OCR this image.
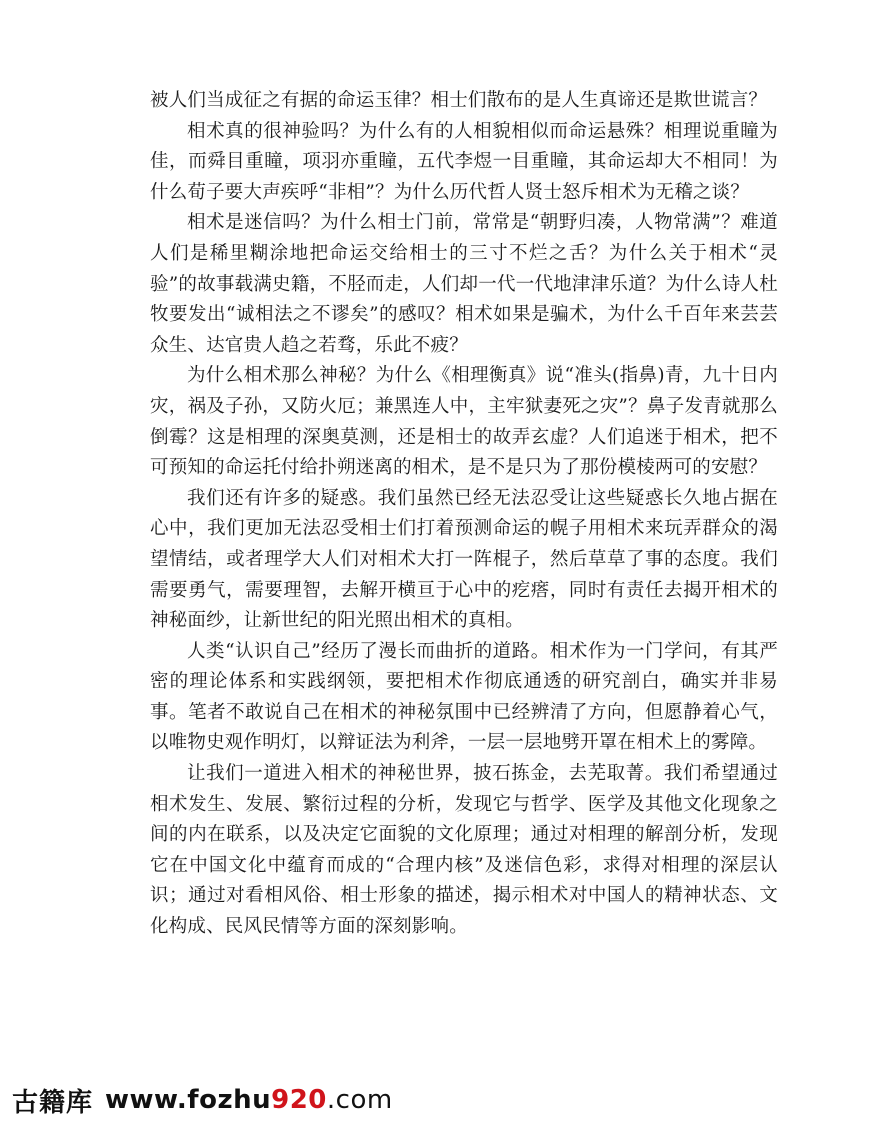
被人们当成征之有据的命运玉律？相士们散布的是人生真谛还是欺世谎言？

相术真的很神验吗？为什么有的人相貌相似而命运悬殊？相理说重瞳为佳，而舜目重瞳，项羽亦重瞳，五代李煜一目重瞳，其命运却大不相同！为什么荀子要大声疾呼“非相”？为什么历代哲人贤士怒斥相术为无稽之谈？

相术是迷信吗？为什么相士门前，常常是“朝野归凑，人物常满”？难道人们是稀里糊涂地把命运交给相士的三寸不烂之舌？为什么关于相术“灵验”的故事载满史籍，不胫而走，人们却一代一代地津津乐道？为什么诗人杜牧要发出“诚相法之不谬矣”的感叹？相术如果是骗术，为什么千百年来芸芸众生、达官贵人趋之若骛，乐此不疲？

为什么相术那么神秘？为什么《相理衡真》说“准头(指鼻)青，九十日内灾，祸及子孙，又防火厄；兼黑连人中，主牢狱妻死之灾”？鼻子发青就那么倒霉？这是相理的深奥莫测，还是相士的故弄玄虚？人们追迷于相术，把不可预知的命运托付给扑朔迷离的相术，是不是只为了那份模棱两可的安慰？

我们还有许多的疑惑。我们虽然已经无法忍受让这些疑惑长久地占据在心中，我们更加无法忍受相士们打着预测命运的幌子用相术来玩弄群众的渴望情结，或者理学大人们对相术大打一阵棍子，然后草草了事的态度。我们需要勇气，需要理智，去解开横亘于心中的疙瘩，同时有责任去揭开相术的神秘面纱，让新世纪的阳光照出相术的真相。

人类“认识自己”经历了漫长而曲折的道路。相术作为一门学问，有其严密的理论体系和实践纲领，要把相术作彻底通透的研究剖白，确实并非易事。笔者不敢说自己在相术的神秘氛围中已经辨清了方向，但愿静着心气，以唯物史观作明灯，以辩证法为利斧，一层一层地劈开罩在相术上的雾障。

让我们一道进入相术的神秘世界，披石拣金，去芜取菁。我们希望通过相术发生、发展、繁衍过程的分析，发现它与哲学、医学及其他文化现象之间的内在联系，以及决定它面貌的文化原理；通过对相理的解剖分析，发现它在中国文化中蕴育而成的“合理内核”及迷信色彩，求得对相理的深层认识；通过对看相风俗、相士形象的描述，揭示相术对中国人的精神状态、文化构成、民风民情等方面的深刻影响。

古籍库 www.fozhu920.com
